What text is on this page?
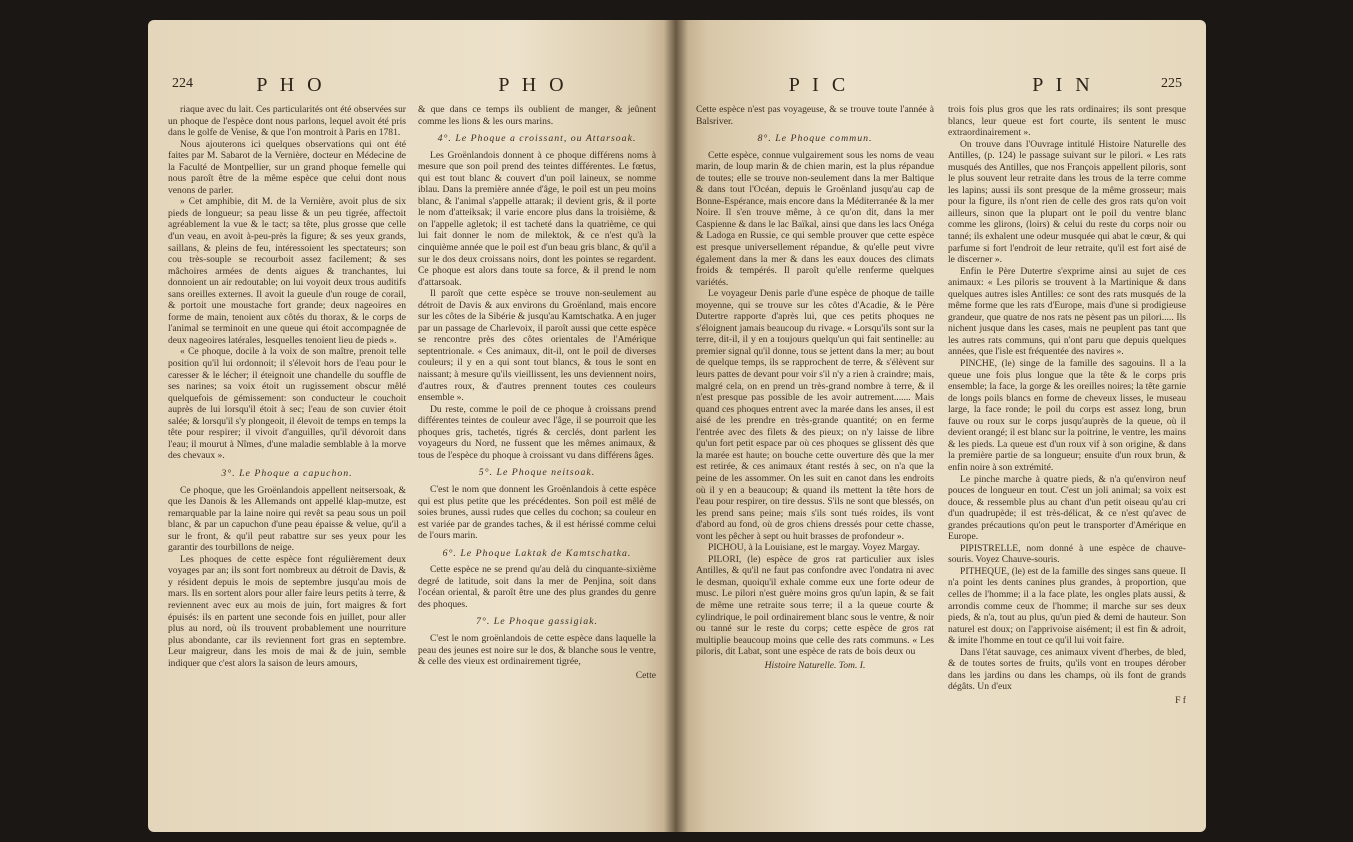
224	P H O	P H O

riaque avec du lait. Ces particularités ont été observées sur un phoque de l'espèce dont nous parlons, lequel avoit été pris dans le golfe de Venise, & que l'on montroit à Paris en 1781.

Nous ajouterons ici quelques observations qui ont été faites par M. Sabarot de la Vernière, docteur en Médecine de la Faculté de Montpellier, sur un grand phoque femelle qui nous paroît être de la même espèce que celui dont nous venons de parler.

» Cet amphibie, dit M. de la Vernière, avoit plus de six pieds de longueur; sa peau lisse & un peu tigrée, affectoit agréablement la vue & le tact; sa tête, plus grosse que celle d'un veau, en avoit à-peu-près la figure; & ses yeux grands, saillans, & pleins de feu, intéressoient les spectateurs; son cou très-souple se recourboit assez facilement; & ses mâchoires armées de dents aigues & tranchantes, lui donnoient un air redoutable; on lui voyoit deux trous auditifs sans oreilles externes. Il avoit la gueule d'un rouge de corail, & portoit une moustache fort grande; deux nageoires en forme de main, tenoient aux côtés du thorax, & le corps de l'animal se terminoit en une queue qui étoit accompagnée de deux nageoires latérales, lesquelles tenoient lieu de pieds ».

« Ce phoque, docile à la voix de son maître, prenoit telle position qu'il lui ordonnoit; il s'élevoit hors de l'eau pour le caresser & le lécher; il éteignoit une chandelle du souffle de ses narines; sa voix étoit un rugissement obscur mêlé quelquefois de gémissement: son conducteur le couchoit auprès de lui lorsqu'il étoit à sec; l'eau de son cuvier étoit salée; & lorsqu'il s'y plongeoit, il élevoit de temps en temps la tête pour respirer; il vivoit d'anguilles, qu'il dévoroit dans l'eau; il mourut à Nîmes, d'une maladie semblable à la morve des chevaux ».

3°. Le Phoque a capuchon.

Ce phoque, que les Groënlandois appellent neitsersoak, & que les Danois & les Allemands ont appellé klap-mutze, est remarquable par la laine noire qui revêt sa peau sous un poil blanc, & par un capuchon d'une peau épaisse & velue, qu'il a sur le front, & qu'il peut rabattre sur ses yeux pour les garantir des tourbillons de neige.

Les phoques de cette espèce font régulièrement deux voyages par an; ils sont fort nombreux au détroit de Davis, & y résident depuis le mois de septembre jusqu'au mois de mars. Ils en sortent alors pour aller faire leurs petits à terre, & reviennent avec eux au mois de juin, fort maigres & fort épuisés: ils en partent une seconde fois en juillet, pour aller plus au nord, où ils trouvent probablement une nourriture plus abondante, car ils reviennent fort gras en septembre. Leur maigreur, dans les mois de mai & de juin, semble indiquer que c'est alors la saison de leurs amours,

& que dans ce temps ils oublient de manger, & jeûnent comme les lions & les ours marins.

4°. Le Phoque a croissant, ou Attarsoak.

Les Groënlandois donnent à ce phoque différens noms à mesure que son poil prend des teintes différentes. Le fœtus, qui est tout blanc & couvert d'un poil laineux, se nomme iblau. Dans la première année d'âge, le poil est un peu moins blanc, & l'animal s'appelle attarak; il devient gris, & il porte le nom d'atteiksak; il varie encore plus dans la troisième, & on l'appelle agletok; il est tacheté dans la quatrième, ce qui lui fait donner le nom de milektok, & ce n'est qu'à la cinquième année que le poil est d'un beau gris blanc, & qu'il a sur le dos deux croissans noirs, dont les pointes se regardent. Ce phoque est alors dans toute sa force, & il prend le nom d'attarsoak.

Il paroît que cette espèce se trouve non-seulement au détroit de Davis & aux environs du Groënland, mais encore sur les côtes de la Sibérie & jusqu'au Kamtschatka. A en juger par un passage de Charlevoix, il paroît aussi que cette espèce se rencontre près des côtes orientales de l'Amérique septentrionale. « Ces animaux, dit-il, ont le poil de diverses couleurs; il y en a qui sont tout blancs, & tous le sont en naissant; à mesure qu'ils vieillissent, les uns deviennent noirs, d'autres roux, & d'autres prennent toutes ces couleurs ensemble ».

Du reste, comme le poil de ce phoque à croissans prend différentes teintes de couleur avec l'âge, il se pourroit que les phoques gris, tachetés, tigrés & cerclés, dont parlent les voyageurs du Nord, ne fussent que les mêmes animaux, & tous de l'espèce du phoque à croissant vu dans différens âges.

5°. Le Phoque neitsoak.

C'est le nom que donnent les Groënlandois à cette espèce qui est plus petite que les précédentes. Son poil est mêlé de soies brunes, aussi rudes que celles du cochon; sa couleur en est variée par de grandes taches, & il est hérissé comme celui de l'ours marin.

6°. Le Phoque Laktak de Kamtschatka.

Cette espèce ne se prend qu'au delà du cinquante-sixième degré de latitude, soit dans la mer de Penjina, soit dans l'océan oriental, & paroît être une des plus grandes du genre des phoques.

7°. Le Phoque gassigiak.

C'est le nom groënlandois de cette espèce dans laquelle la peau des jeunes est noire sur le dos, & blanche sous le ventre, & celle des vieux est ordinairement tigrée,

Cette
P I C	P I N	225

Cette espèce n'est pas voyageuse, & se trouve toute l'année à Balsriver.

8°. Le Phoque commun.

Cette espèce, connue vulgairement sous les noms de veau marin, de loup marin & de chien marin, est la plus répandue de toutes; elle se trouve non-seulement dans la mer Baltique & dans tout l'Océan, depuis le Groënland jusqu'au cap de Bonne-Espérance, mais encore dans la Méditerranée & la mer Noire. Il s'en trouve même, à ce qu'on dit, dans la mer Caspienne & dans le lac Baïkal, ainsi que dans les lacs Onéga & Ladoga en Russie, ce qui semble prouver que cette espèce est presque universellement répandue, & qu'elle peut vivre également dans la mer & dans les eaux douces des climats froids & tempérés. Il paroît qu'elle renferme quelques variétés.

Le voyageur Denis parle d'une espèce de phoque de taille moyenne, qui se trouve sur les côtes d'Acadie, & le Père Dutertre rapporte d'après lui, que ces petits phoques ne s'éloignent jamais beaucoup du rivage. « Lorsqu'ils sont sur la terre, dit-il, il y en a toujours quelqu'un qui fait sentinelle: au premier signal qu'il donne, tous se jettent dans la mer; au bout de quelque temps, ils se rapprochent de terre, & s'élèvent sur leurs pattes de devant pour voir s'il n'y a rien à craindre; mais, malgré cela, on en prend un très-grand nombre à terre, & il n'est presque pas possible de les avoir autrement....... Mais quand ces phoques entrent avec la marée dans les anses, il est aisé de les prendre en très-grande quantité; on en ferme l'entrée avec des filets & des pieux; on n'y laisse de libre qu'un fort petit espace par où ces phoques se glissent dès que la marée est haute; on bouche cette ouverture dès que la mer est retirée, & ces animaux étant restés à sec, on n'a que la peine de les assommer. On les suit en canot dans les endroits où il y en a beaucoup; & quand ils mettent la tête hors de l'eau pour respirer, on tire dessus. S'ils ne sont que blessés, on les prend sans peine; mais s'ils sont tués roides, ils vont d'abord au fond, où de gros chiens dressés pour cette chasse, vont les pêcher à sept ou huit brasses de profondeur ».

PICHOU, à la Louisiane, est le margay. Voyez Margay.

PILORI, (le) espèce de gros rat particulier aux isles Antilles, & qu'il ne faut pas confondre avec l'ondatra ni avec le desman, quoiqu'il exhale comme eux une forte odeur de musc. Le pilori n'est guère moins gros qu'un lapin, & se fait de même une retraite sous terre; il a la queue courte & cylindrique, le poil ordinairement blanc sous le ventre, & noir ou tanné sur le reste du corps; cette espèce de gros rat multiplie beaucoup moins que celle des rats communs. « Les piloris, dit Labat, sont une espèce de rats de bois deux ou

Histoire Naturelle. Tom. I.

trois fois plus gros que les rats ordinaires; ils sont presque blancs, leur queue est fort courte, ils sentent le musc extraordinairement ».

On trouve dans l'Ouvrage intitulé Histoire Naturelle des Antilles, (p. 124) le passage suivant sur le pilori. « Les rats musqués des Antilles, que nos François appellent piloris, sont le plus souvent leur retraite dans les trous de la terre comme les lapins; aussi ils sont presque de la même grosseur; mais pour la figure, ils n'ont rien de celle des gros rats qu'on voit ailleurs, sinon que la plupart ont le poil du ventre blanc comme les glirons, (loirs) & celui du reste du corps noir ou tanné; ils exhalent une odeur musquée qui abat le cœur, & qui parfume si fort l'endroit de leur retraite, qu'il est fort aisé de le discerner ».

Enfin le Père Dutertre s'exprime ainsi au sujet de ces animaux: « Les piloris se trouvent à la Martinique & dans quelques autres isles Antilles: ce sont des rats musqués de la même forme que les rats d'Europe, mais d'une si prodigieuse grandeur, que quatre de nos rats ne pèsent pas un pilori..... Ils nichent jusque dans les cases, mais ne peuplent pas tant que les autres rats communs, qui n'ont paru que depuis quelques années, que l'isle est fréquentée des navires ».

PINCHE, (le) singe de la famille des sagouins. Il a la queue une fois plus longue que la tête & le corps pris ensemble; la face, la gorge & les oreilles noires; la tête garnie de longs poils blancs en forme de cheveux lisses, le museau large, la face ronde; le poil du corps est assez long, brun fauve ou roux sur le corps jusqu'auprès de la queue, où il devient orangé; il est blanc sur la poitrine, le ventre, les mains & les pieds. La queue est d'un roux vif à son origine, & dans la première partie de sa longueur; ensuite d'un roux brun, & enfin noire à son extrémité.

Le pinche marche à quatre pieds, & n'a qu'environ neuf pouces de longueur en tout. C'est un joli animal; sa voix est douce, & ressemble plus au chant d'un petit oiseau qu'au cri d'un quadrupède; il est très-délicat, & ce n'est qu'avec de grandes précautions qu'on peut le transporter d'Amérique en Europe.

PIPISTRELLE, nom donné à une espèce de chauve-souris. Voyez Chauve-souris.

PITHEQUE, (le) est de la famille des singes sans queue. Il n'a point les dents canines plus grandes, à proportion, que celles de l'homme; il a la face plate, les ongles plats aussi, & arrondis comme ceux de l'homme; il marche sur ses deux pieds, & n'a, tout au plus, qu'un pied & demi de hauteur. Son naturel est doux; on l'apprivoise aisément; il est fin & adroit, & imite l'homme en tout ce qu'il lui voit faire.

Dans l'état sauvage, ces animaux vivent d'herbes, de bled, & de toutes sortes de fruits, qu'ils vont en troupes dérober dans les jardins ou dans les champs, où ils font de grands dégâts. Un d'eux

F f
